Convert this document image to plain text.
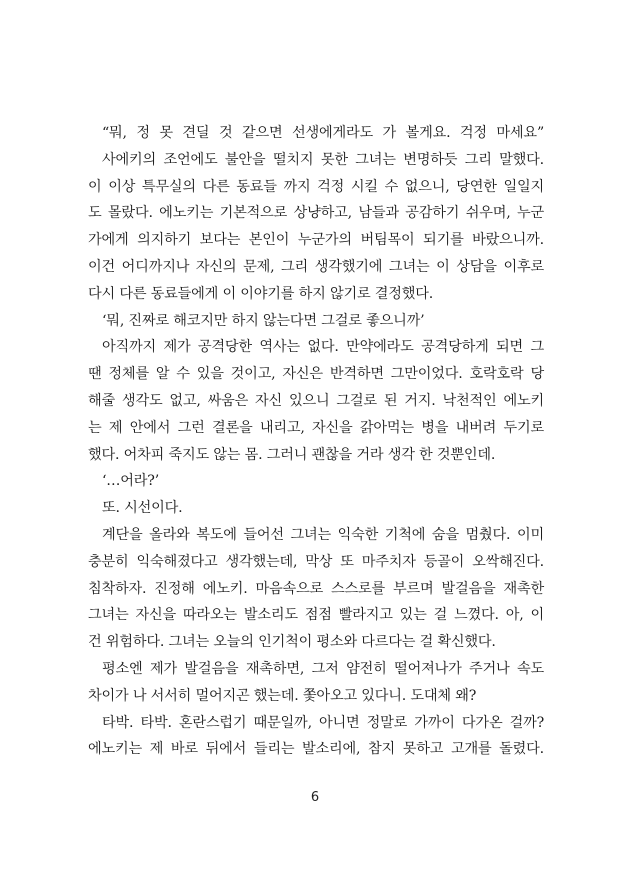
“뭐, 정 못 견딜 것 같으면 선생에게라도 가 볼게요. 걱정 마세요”

사에키의 조언에도 불안을 떨치지 못한 그녀는 변명하듯 그리 말했다.

이 이상 특무실의 다른 동료들 까지 걱정 시킬 수 없으니, 당연한 일일지

도 몰랐다. 에노키는 기본적으로 상냥하고, 남들과 공감하기 쉬우며, 누군

가에게 의지하기 보다는 본인이 누군가의 버팀목이 되기를 바랐으니까.

이건 어디까지나 자신의 문제, 그리 생각했기에 그녀는 이 상담을 이후로

다시 다른 동료들에게 이 이야기를 하지 않기로 결정했다.

‘뭐, 진짜로 해코지만 하지 않는다면 그걸로 좋으니까’

아직까지 제가 공격당한 역사는 없다. 만약에라도 공격당하게 되면 그

땐 정체를 알 수 있을 것이고, 자신은 반격하면 그만이었다. 호락호락 당

해줄 생각도 없고, 싸움은 자신 있으니 그걸로 된 거지. 낙천적인 에노키

는 제 안에서 그런 결론을 내리고, 자신을 갉아먹는 병을 내버려 두기로

했다. 어차피 죽지도 않는 몸. 그러니 괜찮을 거라 생각 한 것뿐인데.

‘…어라?’

또. 시선이다.

계단을 올라와 복도에 들어선 그녀는 익숙한 기척에 숨을 멈췄다. 이미

충분히 익숙해졌다고 생각했는데, 막상 또 마주치자 등골이 오싹해진다.

침착하자. 진정해 에노키. 마음속으로 스스로를 부르며 발걸음을 재촉한

그녀는 자신을 따라오는 발소리도 점점 빨라지고 있는 걸 느꼈다. 아, 이

건 위험하다. 그녀는 오늘의 인기척이 평소와 다르다는 걸 확신했다.

평소엔 제가 발걸음을 재촉하면, 그저 얌전히 떨어져나가 주거나 속도

차이가 나 서서히 멀어지곤 했는데. 쫓아오고 있다니. 도대체 왜?

타박. 타박. 혼란스럽기 때문일까, 아니면 정말로 가까이 다가온 걸까?

에노키는 제 바로 뒤에서 들리는 발소리에, 참지 못하고 고개를 돌렸다.

6
